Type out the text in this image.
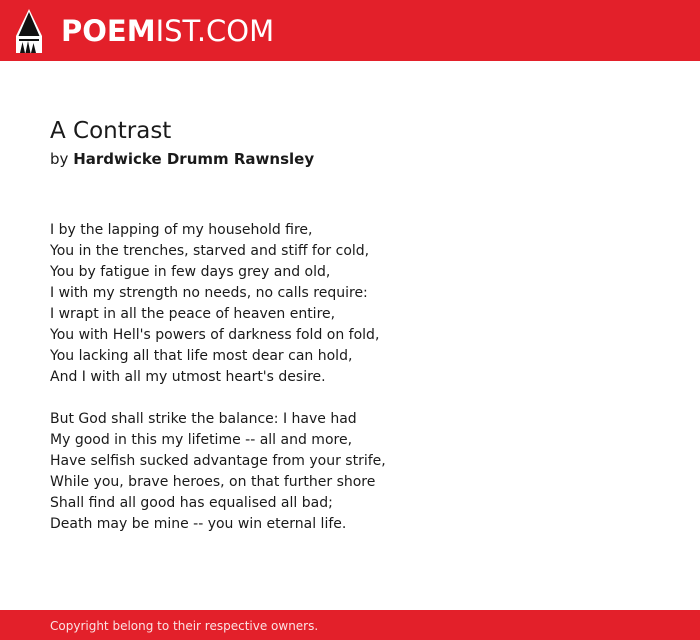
POEMIST.COM
A Contrast
by Hardwicke Drumm Rawnsley

I by the lapping of my household fire,
You in the trenches, starved and stiff for cold,
You by fatigue in few days grey and old,
I with my strength no needs, no calls require:
I wrapt in all the peace of heaven entire,
You with Hell's powers of darkness fold on fold,
You lacking all that life most dear can hold,
And I with all my utmost heart's desire.

But God shall strike the balance: I have had
My good in this my lifetime -- all and more,
Have selfish sucked advantage from your strife,
While you, brave heroes, on that further shore
Shall find all good has equalised all bad;
Death may be mine -- you win eternal life.

Copyright belong to their respective owners.
